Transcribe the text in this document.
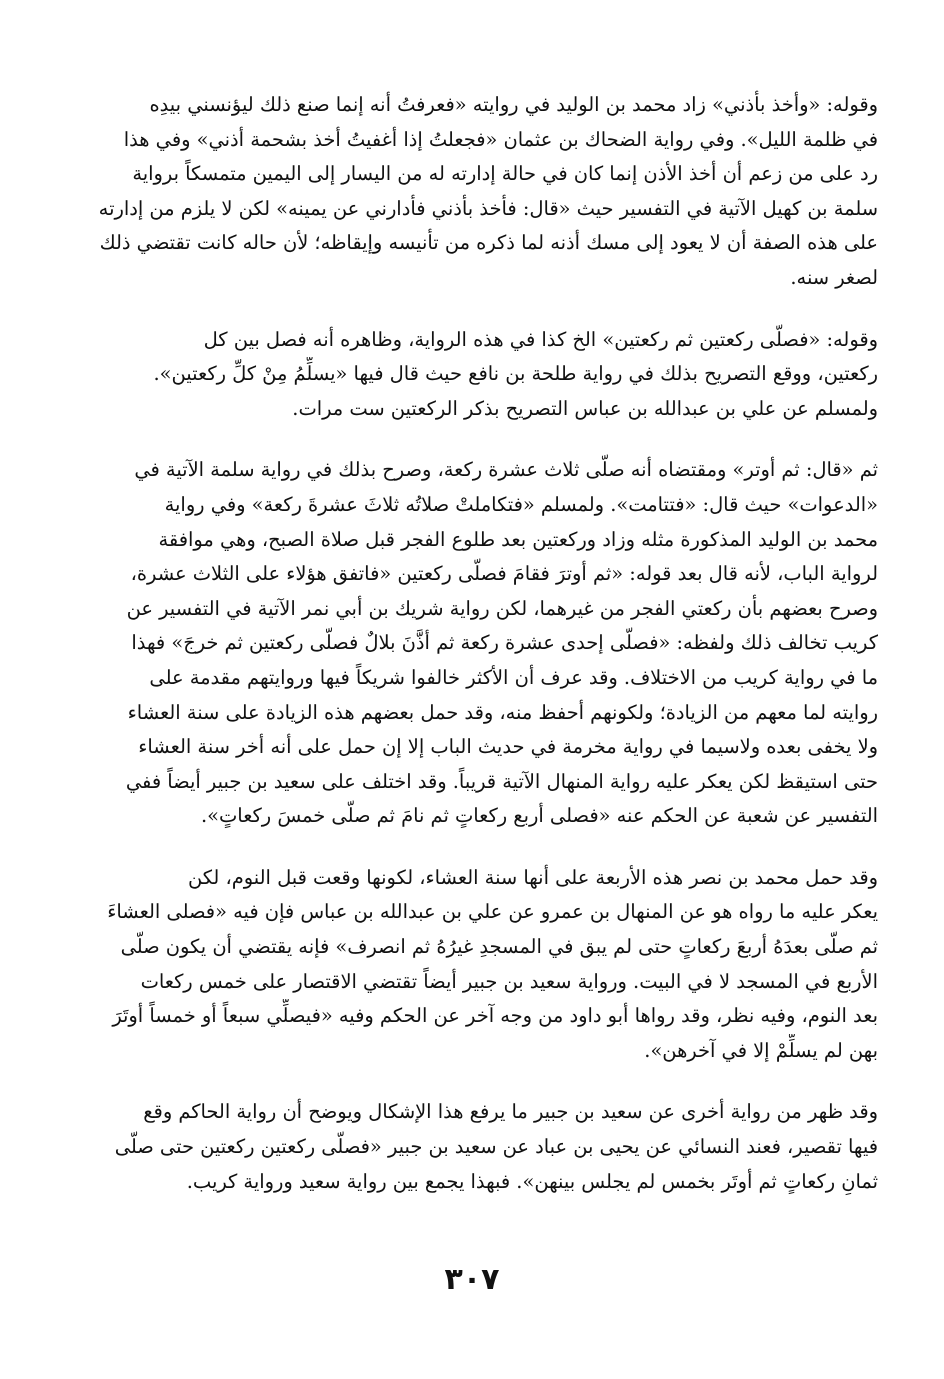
وقوله: «وأخذ بأذني» زاد محمد بن الوليد في روايته «فعرفتُ أنه إنما صنع ذلك ليؤنسني بيدِه
في ظلمة الليل». وفي رواية الضحاك بن عثمان «فجعلتُ إذا أغفيتُ أخذ بشحمة أذني» وفي هذا
رد على من زعم أن أخذ الأذن إنما كان في حالة إدارته له من اليسار إلى اليمين متمسكاً برواية
سلمة بن كهيل الآتية في التفسير حيث «قال: فأخذ بأذني فأدارني عن يمينه» لكن لا يلزم من إدارته
على هذه الصفة أن لا يعود إلى مسك أذنه لما ذكره من تأنيسه وإيقاظه؛ لأن حاله كانت تقتضي ذلك
لصغر سنه.
وقوله: «فصلّى ركعتين ثم ركعتين» الخ كذا في هذه الرواية، وظاهره أنه فصل بين كل
ركعتين، ووقع التصريح بذلك في رواية طلحة بن نافع حيث قال فيها «يسلِّمُ مِنْ كلِّ ركعتين».
ولمسلم عن علي بن عبدالله بن عباس التصريح بذكر الركعتين ست مرات.
ثم «قال: ثم أوتر» ومقتضاه أنه صلّى ثلاث عشرة ركعة، وصرح بذلك في رواية سلمة الآتية في
«الدعوات» حيث قال: «فتتامت». ولمسلم «فتكاملتْ صلاتُه ثلاثَ عشرةَ ركعة» وفي رواية
محمد بن الوليد المذكورة مثله وزاد وركعتين بعد طلوع الفجر قبل صلاة الصبح، وهي موافقة
لرواية الباب، لأنه قال بعد قوله: «ثم أوترَ فقامَ فصلّى ركعتين «فاتفق هؤلاء على الثلاث عشرة،
وصرح بعضهم بأن ركعتي الفجر من غيرهما، لكن رواية شريك بن أبي نمر الآتية في التفسير عن
كريب تخالف ذلك ولفظه: «فصلّى إحدى عشرة ركعة ثم أذَّنَ بلالٌ فصلّى ركعتين ثم خرجَ» فهذا
ما في رواية كريب من الاختلاف. وقد عرف أن الأكثر خالفوا شريكاً فيها وروايتهم مقدمة على
روايته لما معهم من الزيادة؛ ولكونهم أحفظ منه، وقد حمل بعضهم هذه الزيادة على سنة العشاء
ولا يخفى بعده ولاسيما في رواية مخرمة في حديث الباب إلا إن حمل على أنه أخر سنة العشاء
حتى استيقظ لكن يعكر عليه رواية المنهال الآتية قريباً. وقد اختلف على سعيد بن جبير أيضاً ففي
التفسير عن شعبة عن الحكم عنه «فصلى أربع ركعاتٍ ثم نامَ ثم صلّى خمسَ ركعاتٍ».
وقد حمل محمد بن نصر هذه الأربعة على أنها سنة العشاء، لكونها وقعت قبل النوم، لكن
يعكر عليه ما رواه هو عن المنهال بن عمرو عن علي بن عبدالله بن عباس فإن فيه «فصلى العشاءَ
ثم صلّى بعدَهُ أربعَ ركعاتٍ حتى لم يبق في المسجدِ غيرُهُ ثم انصرف» فإنه يقتضي أن يكون صلّى
الأربع في المسجد لا في البيت. ورواية سعيد بن جبير أيضاً تقتضي الاقتصار على خمس ركعات
بعد النوم، وفيه نظر، وقد رواها أبو داود من وجه آخر عن الحكم وفيه «فيصلِّي سبعاً أو خمساً أوتَرَ
بهن لم يسلِّمْ إلا في آخرهن».
وقد ظهر من رواية أخرى عن سعيد بن جبير ما يرفع هذا الإشكال ويوضح أن رواية الحاكم وقع
فيها تقصير، فعند النسائي عن يحيى بن عباد عن سعيد بن جبير «فصلّى ركعتين ركعتين حتى صلّى
ثمانِ ركعاتٍ ثم أوتَر بخمس لم يجلس بينهن». فبهذا يجمع بين رواية سعيد ورواية كريب.
٣٠٧
